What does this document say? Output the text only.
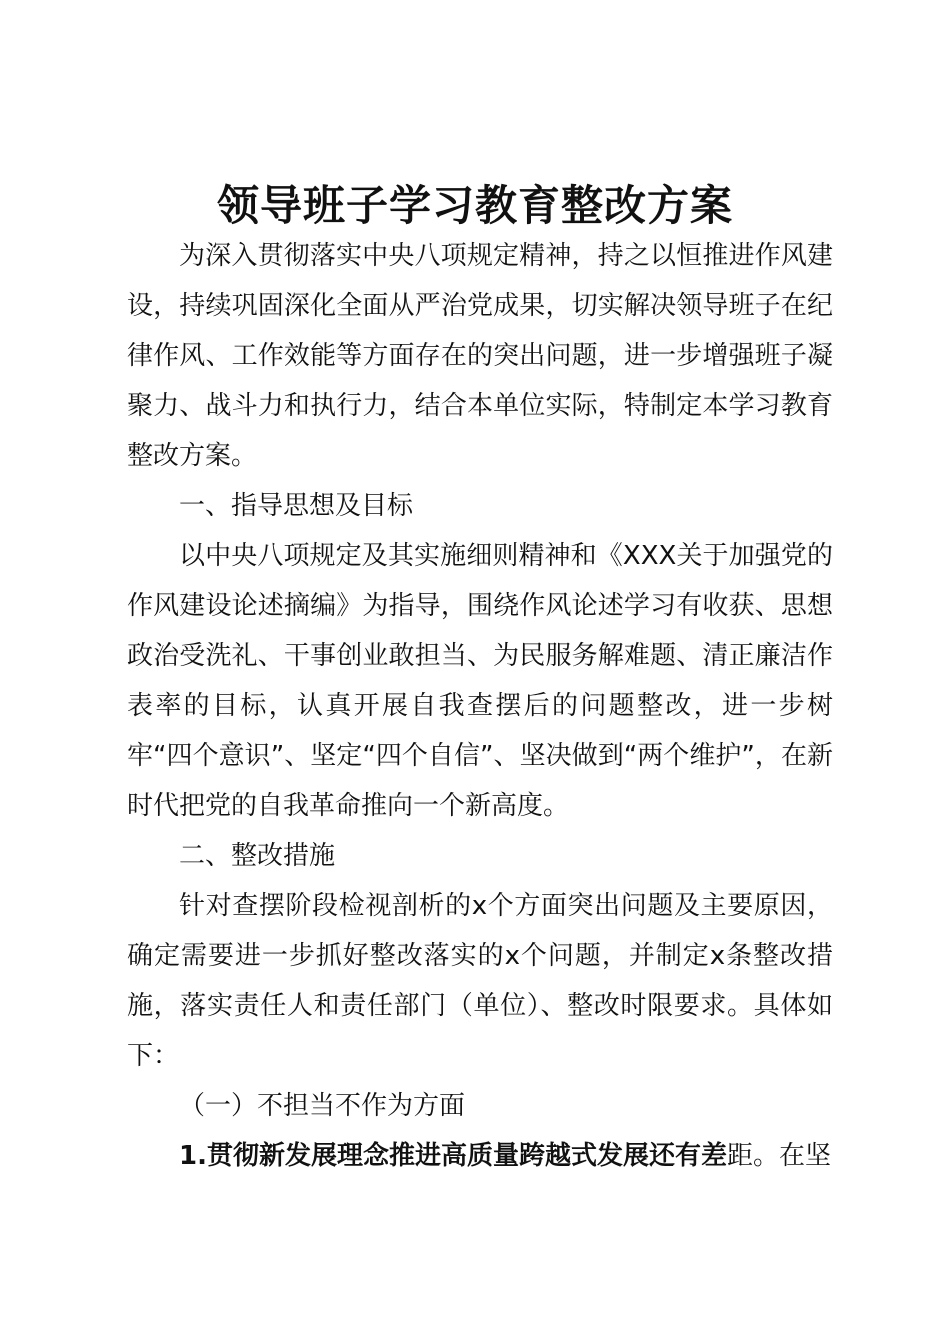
领导班子学习教育整改方案

为深入贯彻落实中央八项规定精神，持之以恒推进作风建设，持续巩固深化全面从严治党成果，切实解决领导班子在纪律作风、工作效能等方面存在的突出问题，进一步增强班子凝聚力、战斗力和执行力，结合本单位实际，特制定本学习教育整改方案。

一、指导思想及目标

以中央八项规定及其实施细则精神和《XXX关于加强党的作风建设论述摘编》为指导，围绕作风论述学习有收获、思想政治受洗礼、干事创业敢担当、为民服务解难题、清正廉洁作表率的目标，认真开展自我查摆后的问题整改，进一步树牢“四个意识”、坚定“四个自信”、坚决做到“两个维护”，在新时代把党的自我革命推向一个新高度。

二、整改措施

针对查摆阶段检视剖析的x个方面突出问题及主要原因，确定需要进一步抓好整改落实的x个问题，并制定x条整改措施，落实责任人和责任部门（单位）、整改时限要求。具体如下：

（一）不担当不作为方面

1.贯彻新发展理念推进高质量跨越式发展还有差距。在坚
